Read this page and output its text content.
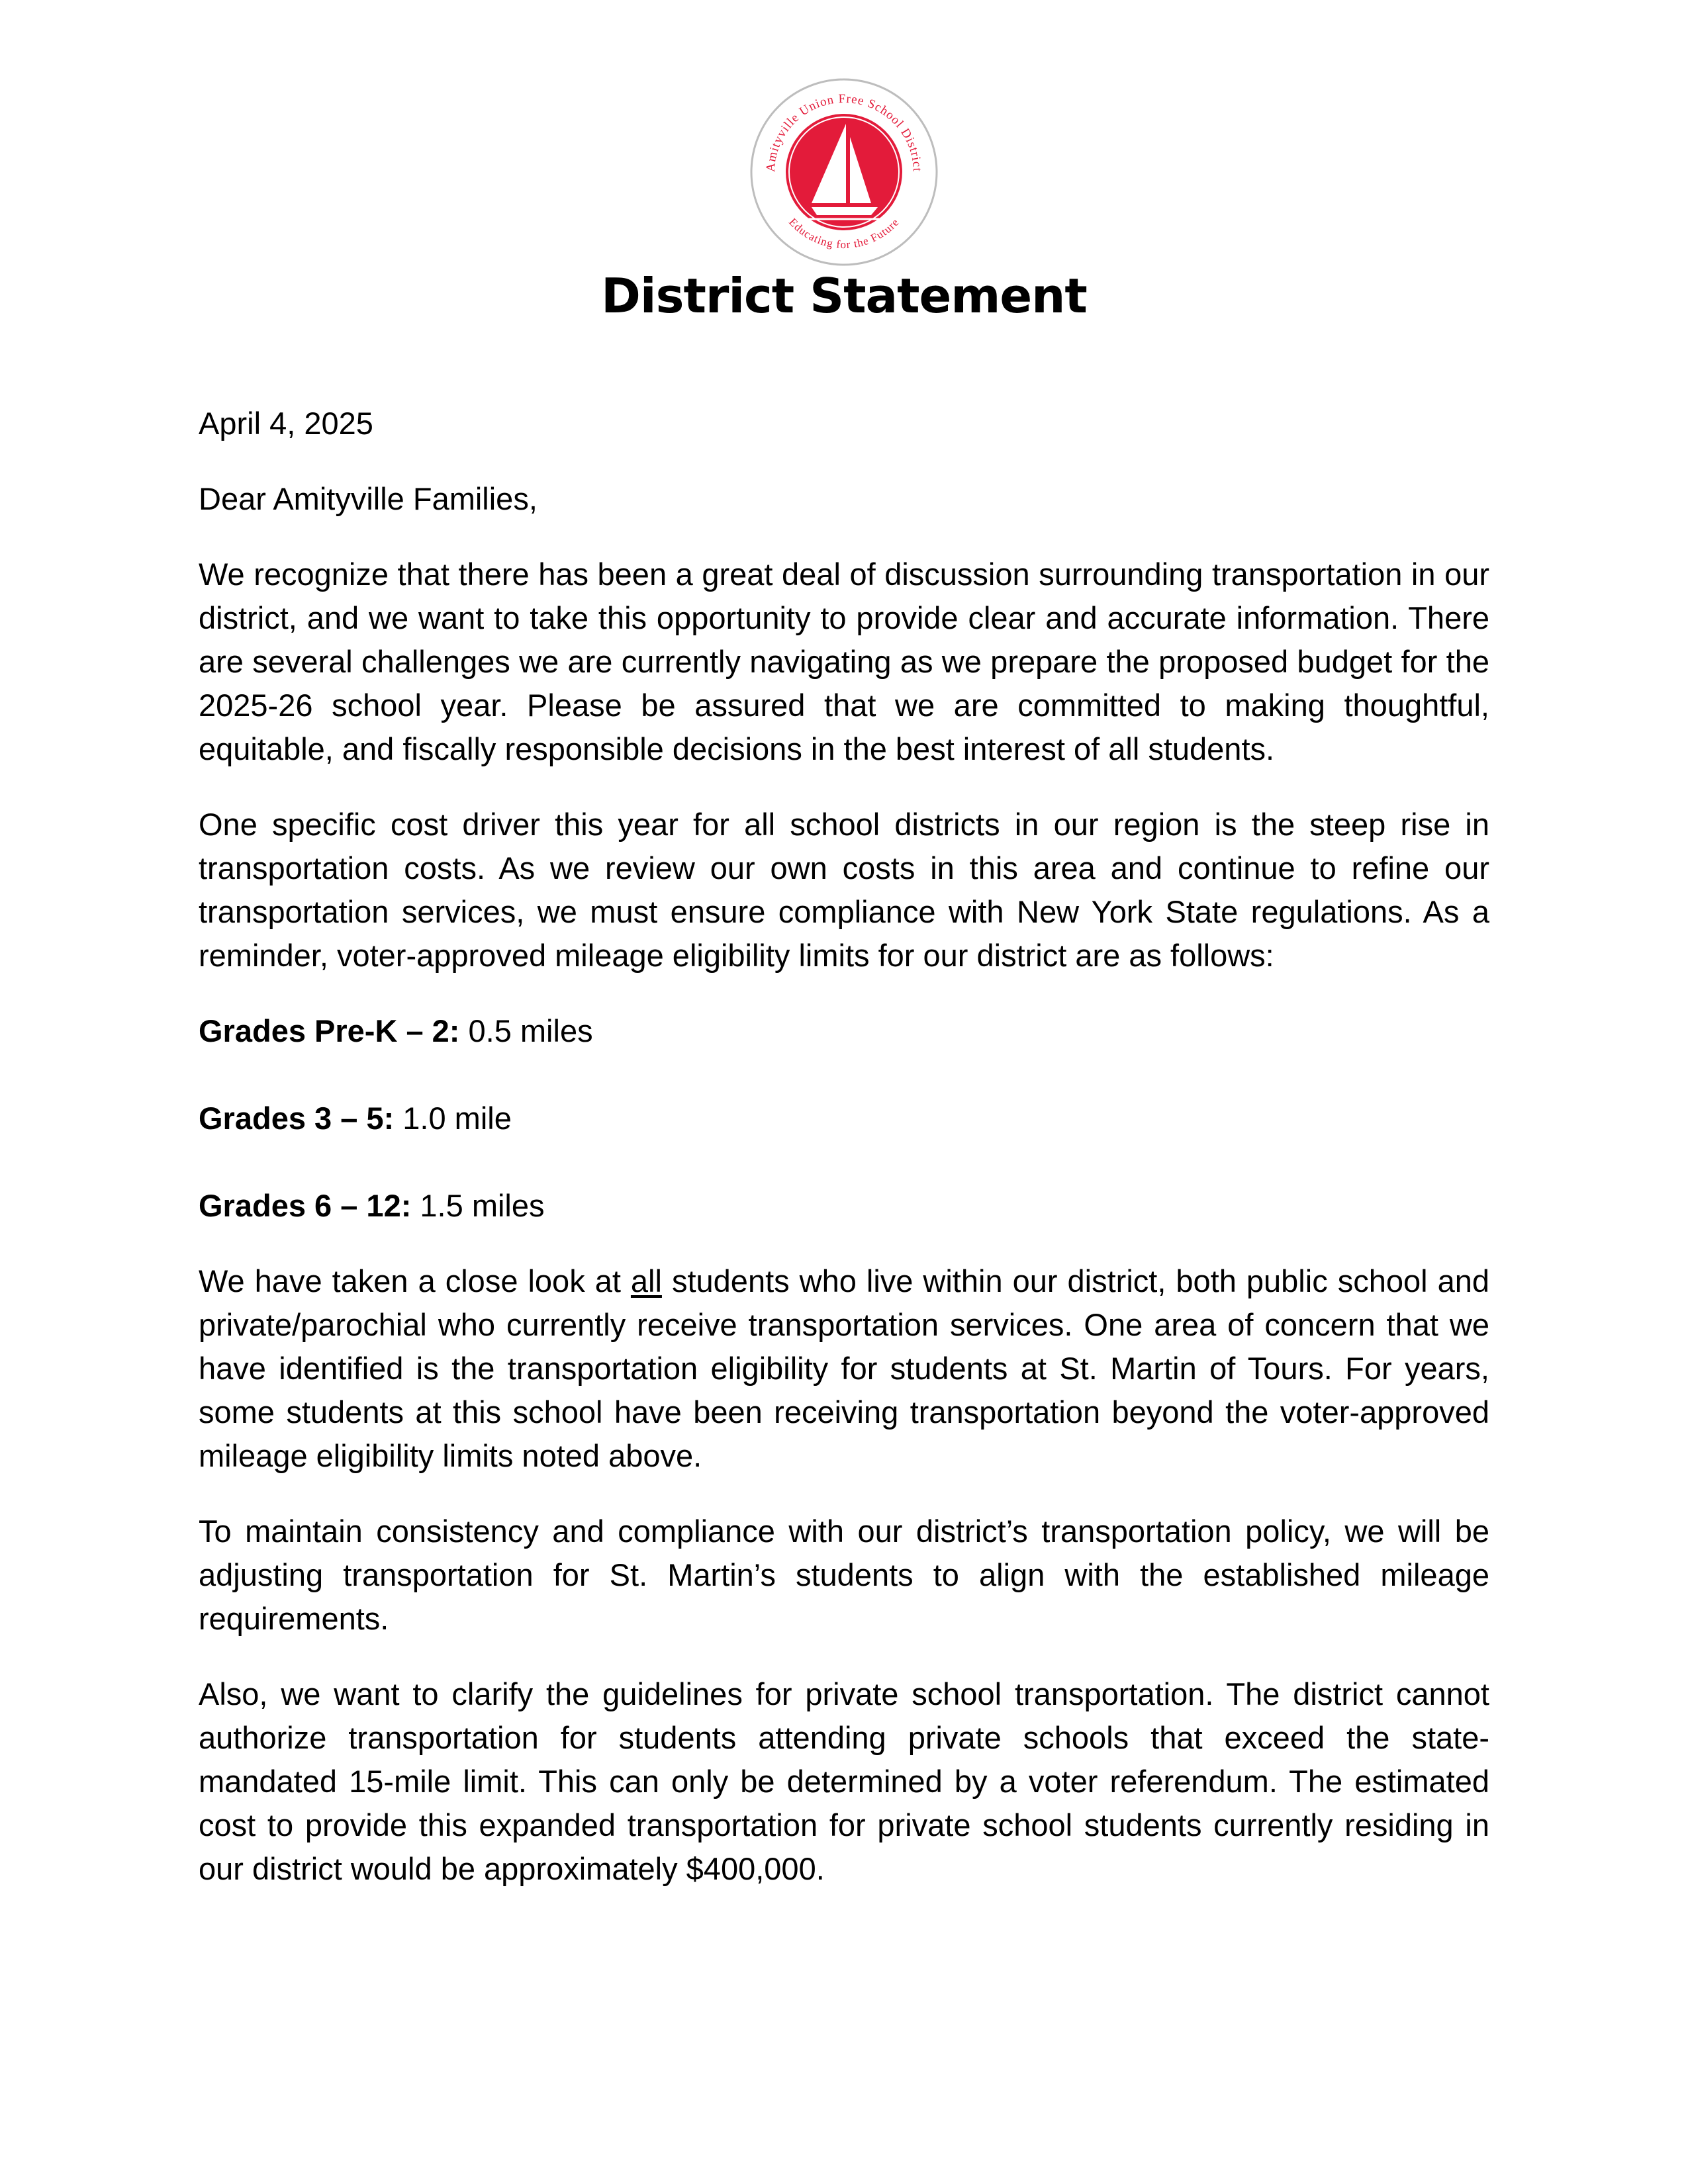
Amityville Union Free School District
Educating for the Future
District Statement

April 4, 2025

Dear Amityville Families,

We recognize that there has been a great deal of discussion surrounding transportation in our district, and we want to take this opportunity to provide clear and accurate information. There are several challenges we are currently navigating as we prepare the proposed budget for the 2025-26 school year. Please be assured that we are committed to making thoughtful, equitable, and fiscally responsible decisions in the best interest of all students.

One specific cost driver this year for all school districts in our region is the steep rise in transportation costs. As we review our own costs in this area and continue to refine our transportation services, we must ensure compliance with New York State regulations. As a reminder, voter-approved mileage eligibility limits for our district are as follows:

Grades Pre-K – 2: 0.5 miles

Grades 3 – 5: 1.0 mile

Grades 6 – 12: 1.5 miles

We have taken a close look at all students who live within our district, both public school and private/parochial who currently receive transportation services. One area of concern that we have identified is the transportation eligibility for students at St. Martin of Tours. For years, some students at this school have been receiving transportation beyond the voter-approved mileage eligibility limits noted above.

To maintain consistency and compliance with our district’s transportation policy, we will be adjusting transportation for St. Martin’s students to align with the established mileage requirements.

Also, we want to clarify the guidelines for private school transportation. The district cannot authorize transportation for students attending private schools that exceed the state-mandated 15-mile limit. This can only be determined by a voter referendum. The estimated cost to provide this expanded transportation for private school students currently residing in our district would be approximately $400,000.
